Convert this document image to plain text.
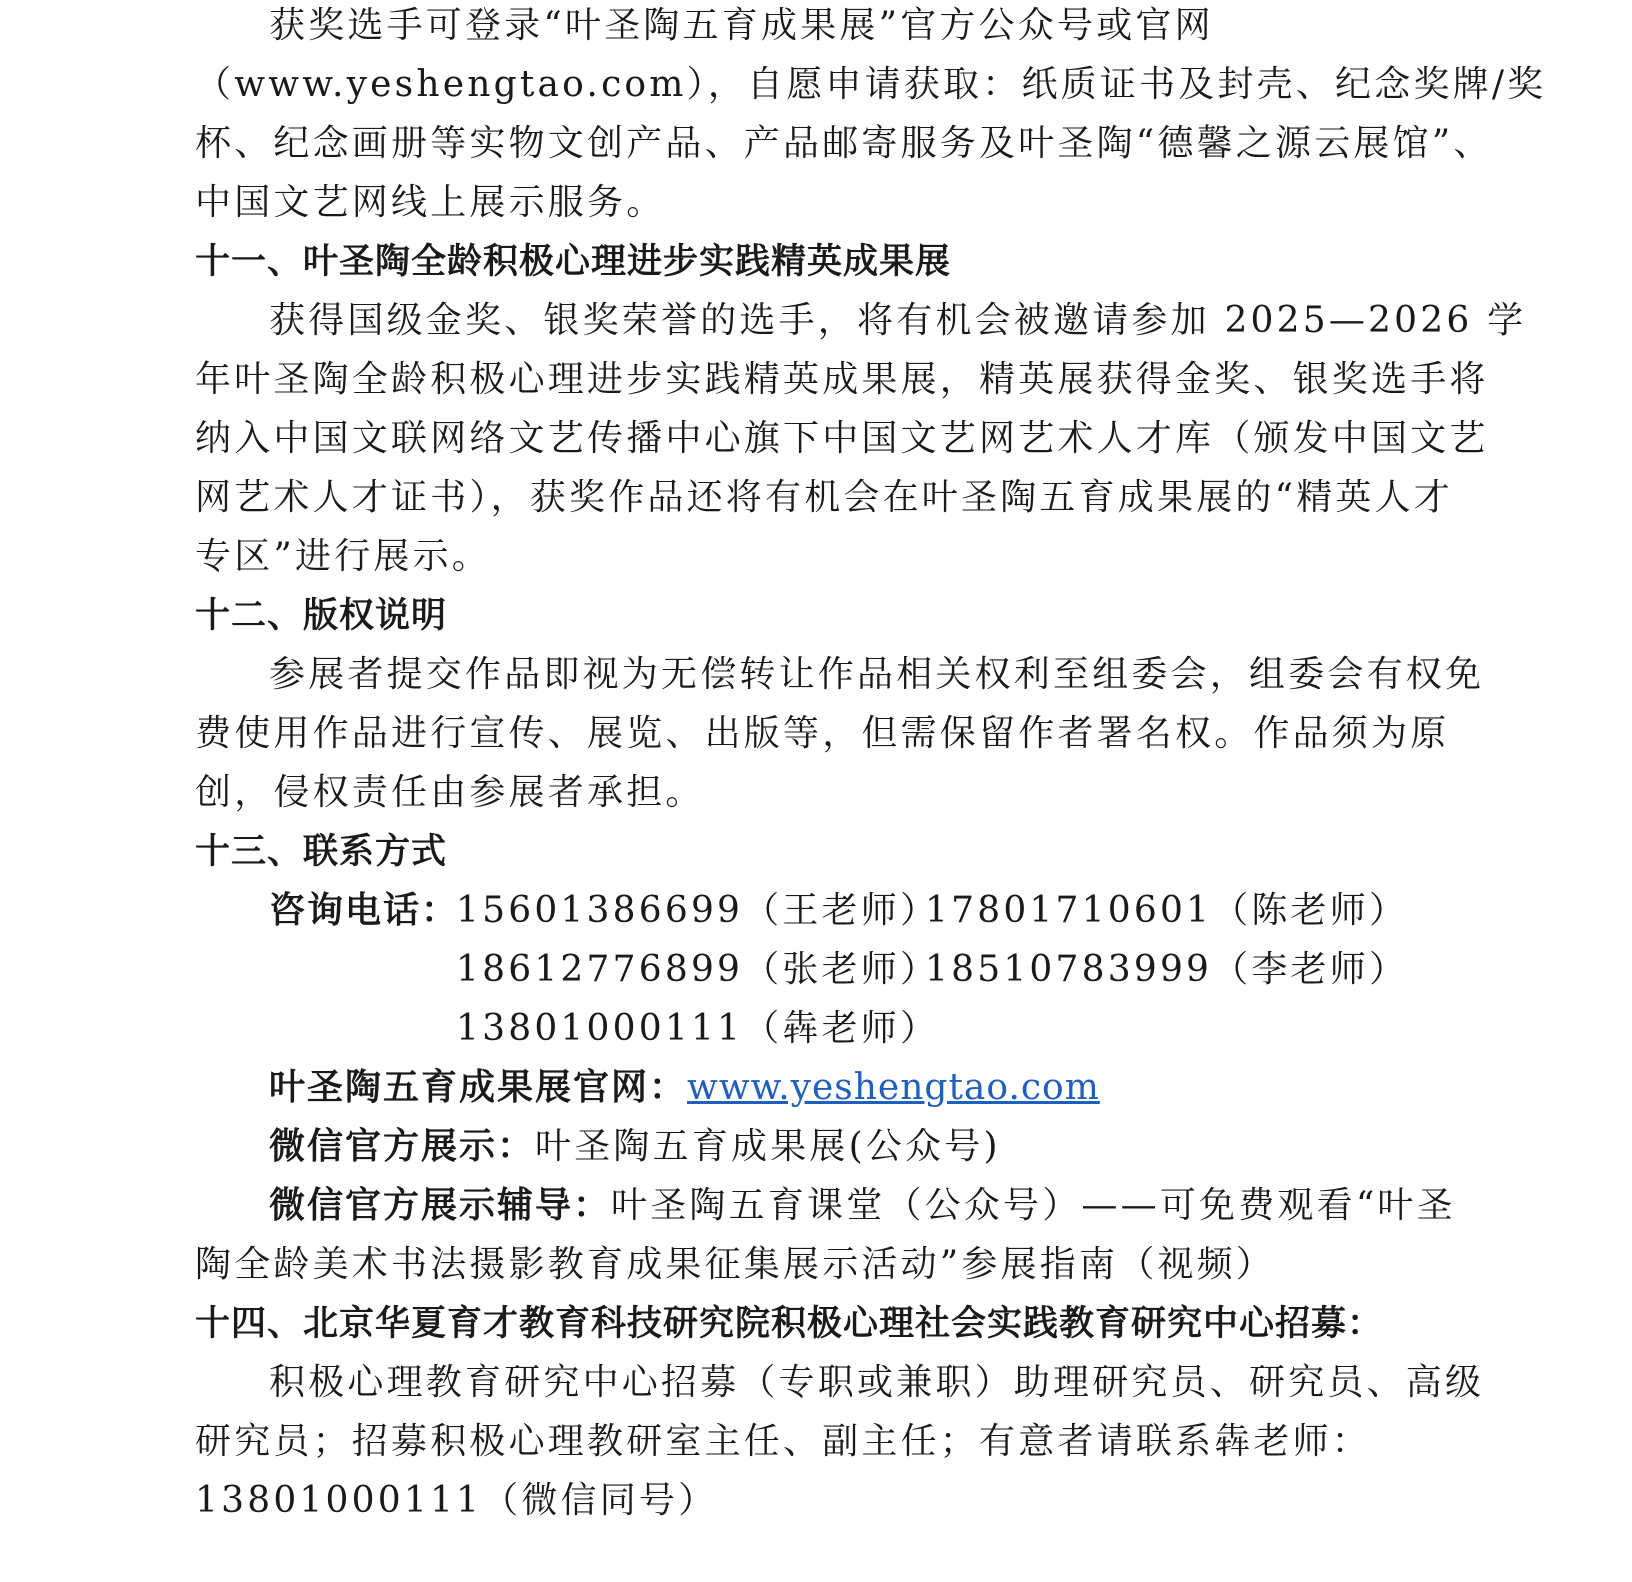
获奖选手可登录“叶圣陶五育成果展”官方公众号或官网
（www.yeshengtao.com），自愿申请获取：纸质证书及封壳、纪念奖牌/奖
杯、纪念画册等实物文创产品、产品邮寄服务及叶圣陶“德馨之源云展馆”、
中国文艺网线上展示服务。
十一、叶圣陶全龄积极心理进步实践精英成果展
获得国级金奖、银奖荣誉的选手，将有机会被邀请参加 2025—2026 学
年叶圣陶全龄积极心理进步实践精英成果展，精英展获得金奖、银奖选手将
纳入中国文联网络文艺传播中心旗下中国文艺网艺术人才库（颁发中国文艺
网艺术人才证书），获奖作品还将有机会在叶圣陶五育成果展的“精英人才
专区”进行展示。
十二、版权说明
参展者提交作品即视为无偿转让作品相关权利至组委会，组委会有权免
费使用作品进行宣传、展览、出版等，但需保留作者署名权。作品须为原
创，侵权责任由参展者承担。
十三、联系方式
咨询电话：
15601386699（王老师）
17801710601（陈老师）
18612776899（张老师）
18510783999（李老师）
13801000111（犇老师）
叶圣陶五育成果展官网：www.yeshengtao.com
微信官方展示：叶圣陶五育成果展(公众号)
微信官方展示辅导：叶圣陶五育课堂（公众号）——可免费观看“叶圣
陶全龄美术书法摄影教育成果征集展示活动”参展指南（视频）
十四、北京华夏育才教育科技研究院积极心理社会实践教育研究中心招募：
积极心理教育研究中心招募（专职或兼职）助理研究员、研究员、高级
研究员；招募积极心理教研室主任、副主任；有意者请联系犇老师：
13801000111（微信同号）
